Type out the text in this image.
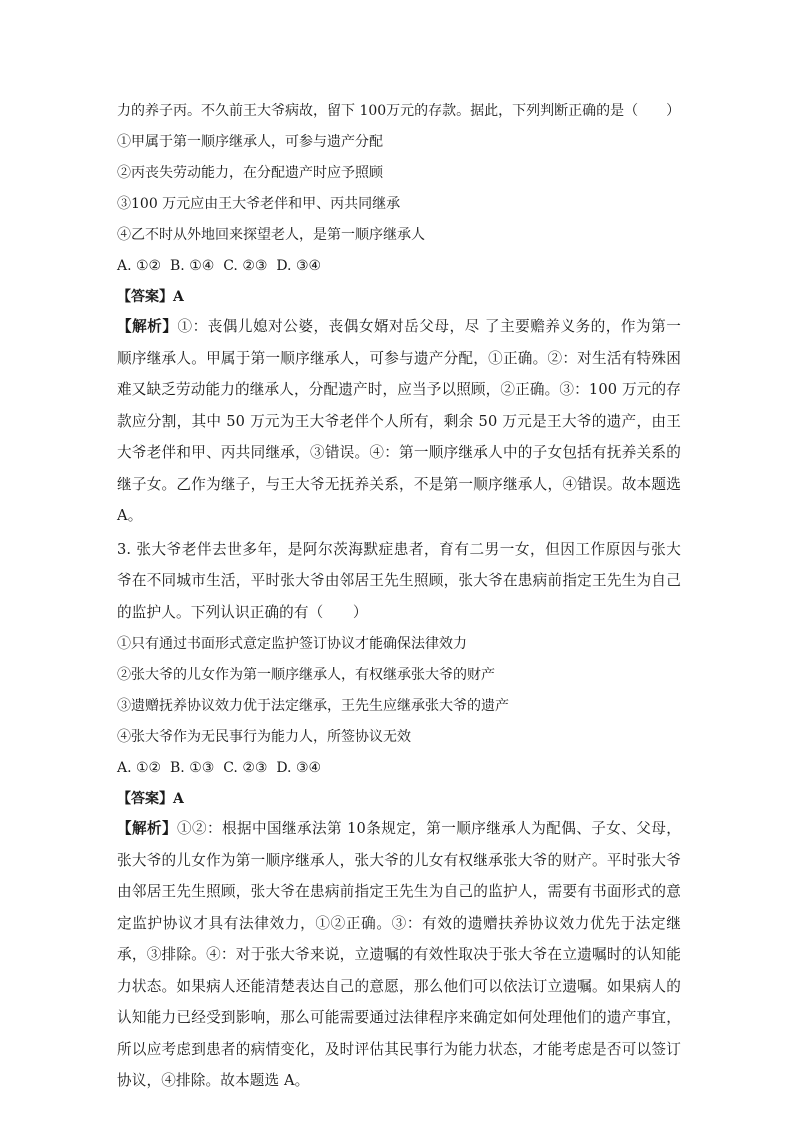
力的养子丙。不久前王大爷病故，留下 100万元的存款。据此，下列判断正确的是（　　）

①甲属于第一顺序继承人，可参与遗产分配

②丙丧失劳动能力，在分配遗产时应予照顾

③100 万元应由王大爷老伴和甲、丙共同继承

④乙不时从外地回来探望老人，是第一顺序继承人

A. ①②  B. ①④  C. ②③  D. ③④

【答案】A

【解析】①：丧偶儿媳对公婆，丧偶女婿对岳父母，尽 了主要赡养义务的，作为第一顺序继承人。甲属于第一顺序继承人，可参与遗产分配，①正确。②：对生活有特殊困难又缺乏劳动能力的继承人，分配遗产时，应当予以照顾，②正确。③：100 万元的存款应分割，其中 50 万元为王大爷老伴个人所有，剩余 50 万元是王大爷的遗产，由王大爷老伴和甲、丙共同继承，③错误。④：第一顺序继承人中的子女包括有抚养关系的继子女。乙作为继子，与王大爷无抚养关系，不是第一顺序继承人，④错误。故本题选 A。

3. 张大爷老伴去世多年，是阿尔茨海默症患者，育有二男一女，但因工作原因与张大爷在不同城市生活，平时张大爷由邻居王先生照顾，张大爷在患病前指定王先生为自己的监护人。下列认识正确的有（　　）

①只有通过书面形式意定监护签订协议才能确保法律效力

②张大爷的儿女作为第一顺序继承人，有权继承张大爷的财产

③遗赠抚养协议效力优于法定继承，王先生应继承张大爷的遗产

④张大爷作为无民事行为能力人，所签协议无效

A. ①②  B. ①③  C. ②③  D. ③④

【答案】A

【解析】①②：根据中国继承法第 10条规定，第一顺序继承人为配偶、子女、父母，张大爷的儿女作为第一顺序继承人，张大爷的儿女有权继承张大爷的财产。平时张大爷由邻居王先生照顾，张大爷在患病前指定王先生为自己的监护人，需要有书面形式的意定监护协议才具有法律效力，①②正确。③：有效的遗赠扶养协议效力优先于法定继承，③排除。④：对于张大爷来说，立遗嘱的有效性取决于张大爷在立遗嘱时的认知能力状态。如果病人还能清楚表达自己的意愿，那么他们可以依法订立遗嘱。如果病人的认知能力已经受到影响，那么可能需要通过法律程序来确定如何处理他们的遗产事宜，所以应考虑到患者的病情变化，及时评估其民事行为能力状态，才能考虑是否可以签订协议，④排除。故本题选 A。
